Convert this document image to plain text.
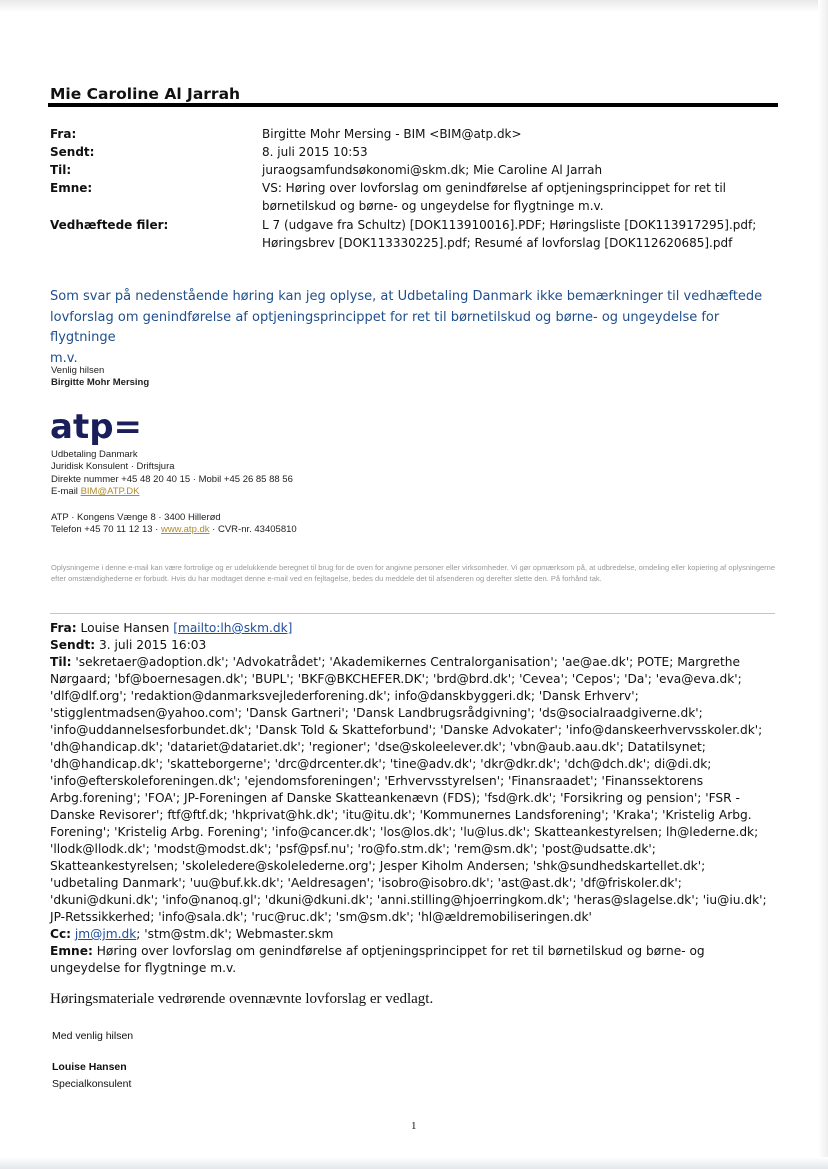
Mie Caroline Al Jarrah
Fra:	Birgitte Mohr Mersing - BIM <BIM@atp.dk>
Sendt:	8. juli 2015 10:53
Til:	juraogsamfundsøkonomi@skm.dk; Mie Caroline Al Jarrah
Emne:	VS: Høring over lovforslag om genindførelse af optjeningsprincippet for ret til
børnetilskud og børne- og ungeydelse for flygtninge m.v.
Vedhæftede filer:	L 7 (udgave fra Schultz) [DOK113910016].PDF; Høringsliste [DOK113917295].pdf;
Høringsbrev [DOK113330225].pdf; Resumé af lovforslag [DOK112620685].pdf
Som svar på nedenstående høring kan jeg oplyse, at Udbetaling Danmark ikke bemærkninger til vedhæftede
lovforslag om genindførelse af optjeningsprincippet for ret til børnetilskud og børne- og ungeydelse for flygtninge
m.v.
Venlig hilsen
Birgitte Mohr Mersing
atp=
Udbetaling Danmark
Juridisk Konsulent · Driftsjura
Direkte nummer +45 48 20 40 15 · Mobil +45 26 85 88 56
E-mail BIM@ATP.DK
ATP · Kongens Vænge 8 · 3400 Hillerød
Telefon +45 70 11 12 13 · www.atp.dk · CVR-nr. 43405810
Oplysningerne i denne e-mail kan være fortrolige og er udelukkende beregnet til brug for de oven for angivne personer eller virksomheder. Vi gør opmærksom på, at udbredelse, omdeling eller kopiering af oplysningerne efter omstændighederne er forbudt. Hvis du har modtaget denne e-mail ved en fejltagelse, bedes du meddele det til afsenderen og derefter slette den. På forhånd tak.
Fra: Louise Hansen [mailto:lh@skm.dk]
Sendt: 3. juli 2015 16:03
Til: 'sekretaer@adoption.dk'; 'Advokatrådet'; 'Akademikernes Centralorganisation'; 'ae@ae.dk'; POTE; Margrethe
Nørgaard; 'bf@boernesagen.dk'; 'BUPL'; 'BKF@BKCHEFER.DK'; 'brd@brd.dk'; 'Cevea'; 'Cepos'; 'Da'; 'eva@eva.dk';
'dlf@dlf.org'; 'redaktion@danmarksvejlederforening.dk'; info@danskbyggeri.dk; 'Dansk Erhverv';
'stigglentmadsen@yahoo.com'; 'Dansk Gartneri'; 'Dansk Landbrugsrådgivning'; 'ds@socialraadgiverne.dk';
'info@uddannelsesforbundet.dk'; 'Dansk Told & Skatteforbund'; 'Danske Advokater'; 'info@danskeerhvervsskoler.dk';
'dh@handicap.dk'; 'datariet@datariet.dk'; 'regioner'; 'dse@skoleelever.dk'; 'vbn@aub.aau.dk'; Datatilsynet;
'dh@handicap.dk'; 'skatteborgerne'; 'drc@drcenter.dk'; 'tine@adv.dk'; 'dkr@dkr.dk'; 'dch@dch.dk'; di@di.dk;
'info@efterskoleforeningen.dk'; 'ejendomsforeningen'; 'Erhvervsstyrelsen'; 'Finansraadet'; 'Finanssektorens
Arbg.forening'; 'FOA'; JP-Foreningen af Danske Skatteankenævn (FDS); 'fsd@rk.dk'; 'Forsikring og pension'; 'FSR -
Danske Revisorer'; ftf@ftf.dk; 'hkprivat@hk.dk'; 'itu@itu.dk'; 'Kommunernes Landsforening'; 'Kraka'; 'Kristelig Arbg.
Forening'; 'Kristelig Arbg. Forening'; 'info@cancer.dk'; 'los@los.dk'; 'lu@lus.dk'; Skatteankestyrelsen; lh@lederne.dk;
'llodk@llodk.dk'; 'modst@modst.dk'; 'psf@psf.nu'; 'ro@fo.stm.dk'; 'rem@sm.dk'; 'post@udsatte.dk';
Skatteankestyrelsen; 'skoleledere@skolelederne.org'; Jesper Kiholm Andersen; 'shk@sundhedskartellet.dk';
'udbetaling Danmark'; 'uu@buf.kk.dk'; 'Aeldresagen'; 'isobro@isobro.dk'; 'ast@ast.dk'; 'df@friskoler.dk';
'dkuni@dkuni.dk'; 'info@nanoq.gl'; 'dkuni@dkuni.dk'; 'anni.stilling@hjoerringkom.dk'; 'heras@slagelse.dk'; 'iu@iu.dk';
JP-Retssikkerhed; 'info@sala.dk'; 'ruc@ruc.dk'; 'sm@sm.dk'; 'hl@ældremobiliseringen.dk'
Cc: jm@jm.dk; 'stm@stm.dk'; Webmaster.skm
Emne: Høring over lovforslag om genindførelse af optjeningsprincippet for ret til børnetilskud og børne- og
ungeydelse for flygtninge m.v.
Høringsmateriale vedrørende ovennævnte lovforslag er vedlagt.
Med venlig hilsen
Louise Hansen
Specialkonsulent
1
